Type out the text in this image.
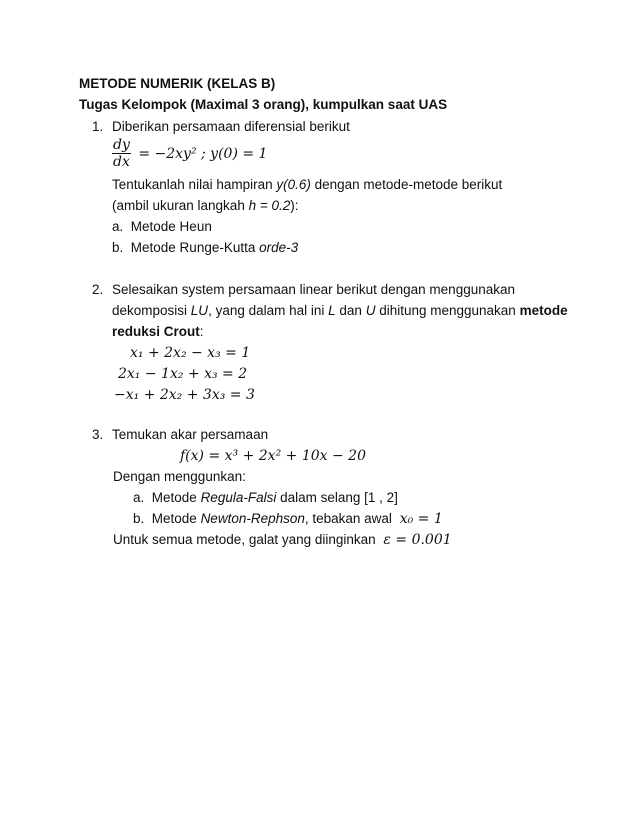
METODE NUMERIK (KELAS B)
Tugas Kelompok (Maximal 3 orang), kumpulkan saat UAS
1. Diberikan persamaan diferensial berikut
$\frac{dy}{dx} = -2xy^2$ ; y(0) = 1
Tentukanlah nilai hampiran y(0.6) dengan metode-metode berikut
(ambil ukuran langkah h = 0.2):
a. Metode Heun
b. Metode Runge-Kutta orde-3
2. Selesaikan system persamaan linear berikut dengan menggunakan
dekomposisi LU, yang dalam hal ini L dan U dihitung menggunakan metode
reduksi Crout:
x₁ + 2x₂ − x₃ = 1
2x₁ − 1x₂ + x₃ = 2
−x₁ + 2x₂ + 3x₃ = 3
3. Temukan akar persamaan
f(x) = x³ + 2x² + 10x − 20
Dengan menggunkan:
a. Metode Regula-Falsi dalam selang [1 , 2]
b. Metode Newton-Rephson, tebakan awal x₀ = 1
Untuk semua metode, galat yang diinginkan ε = 0.001
